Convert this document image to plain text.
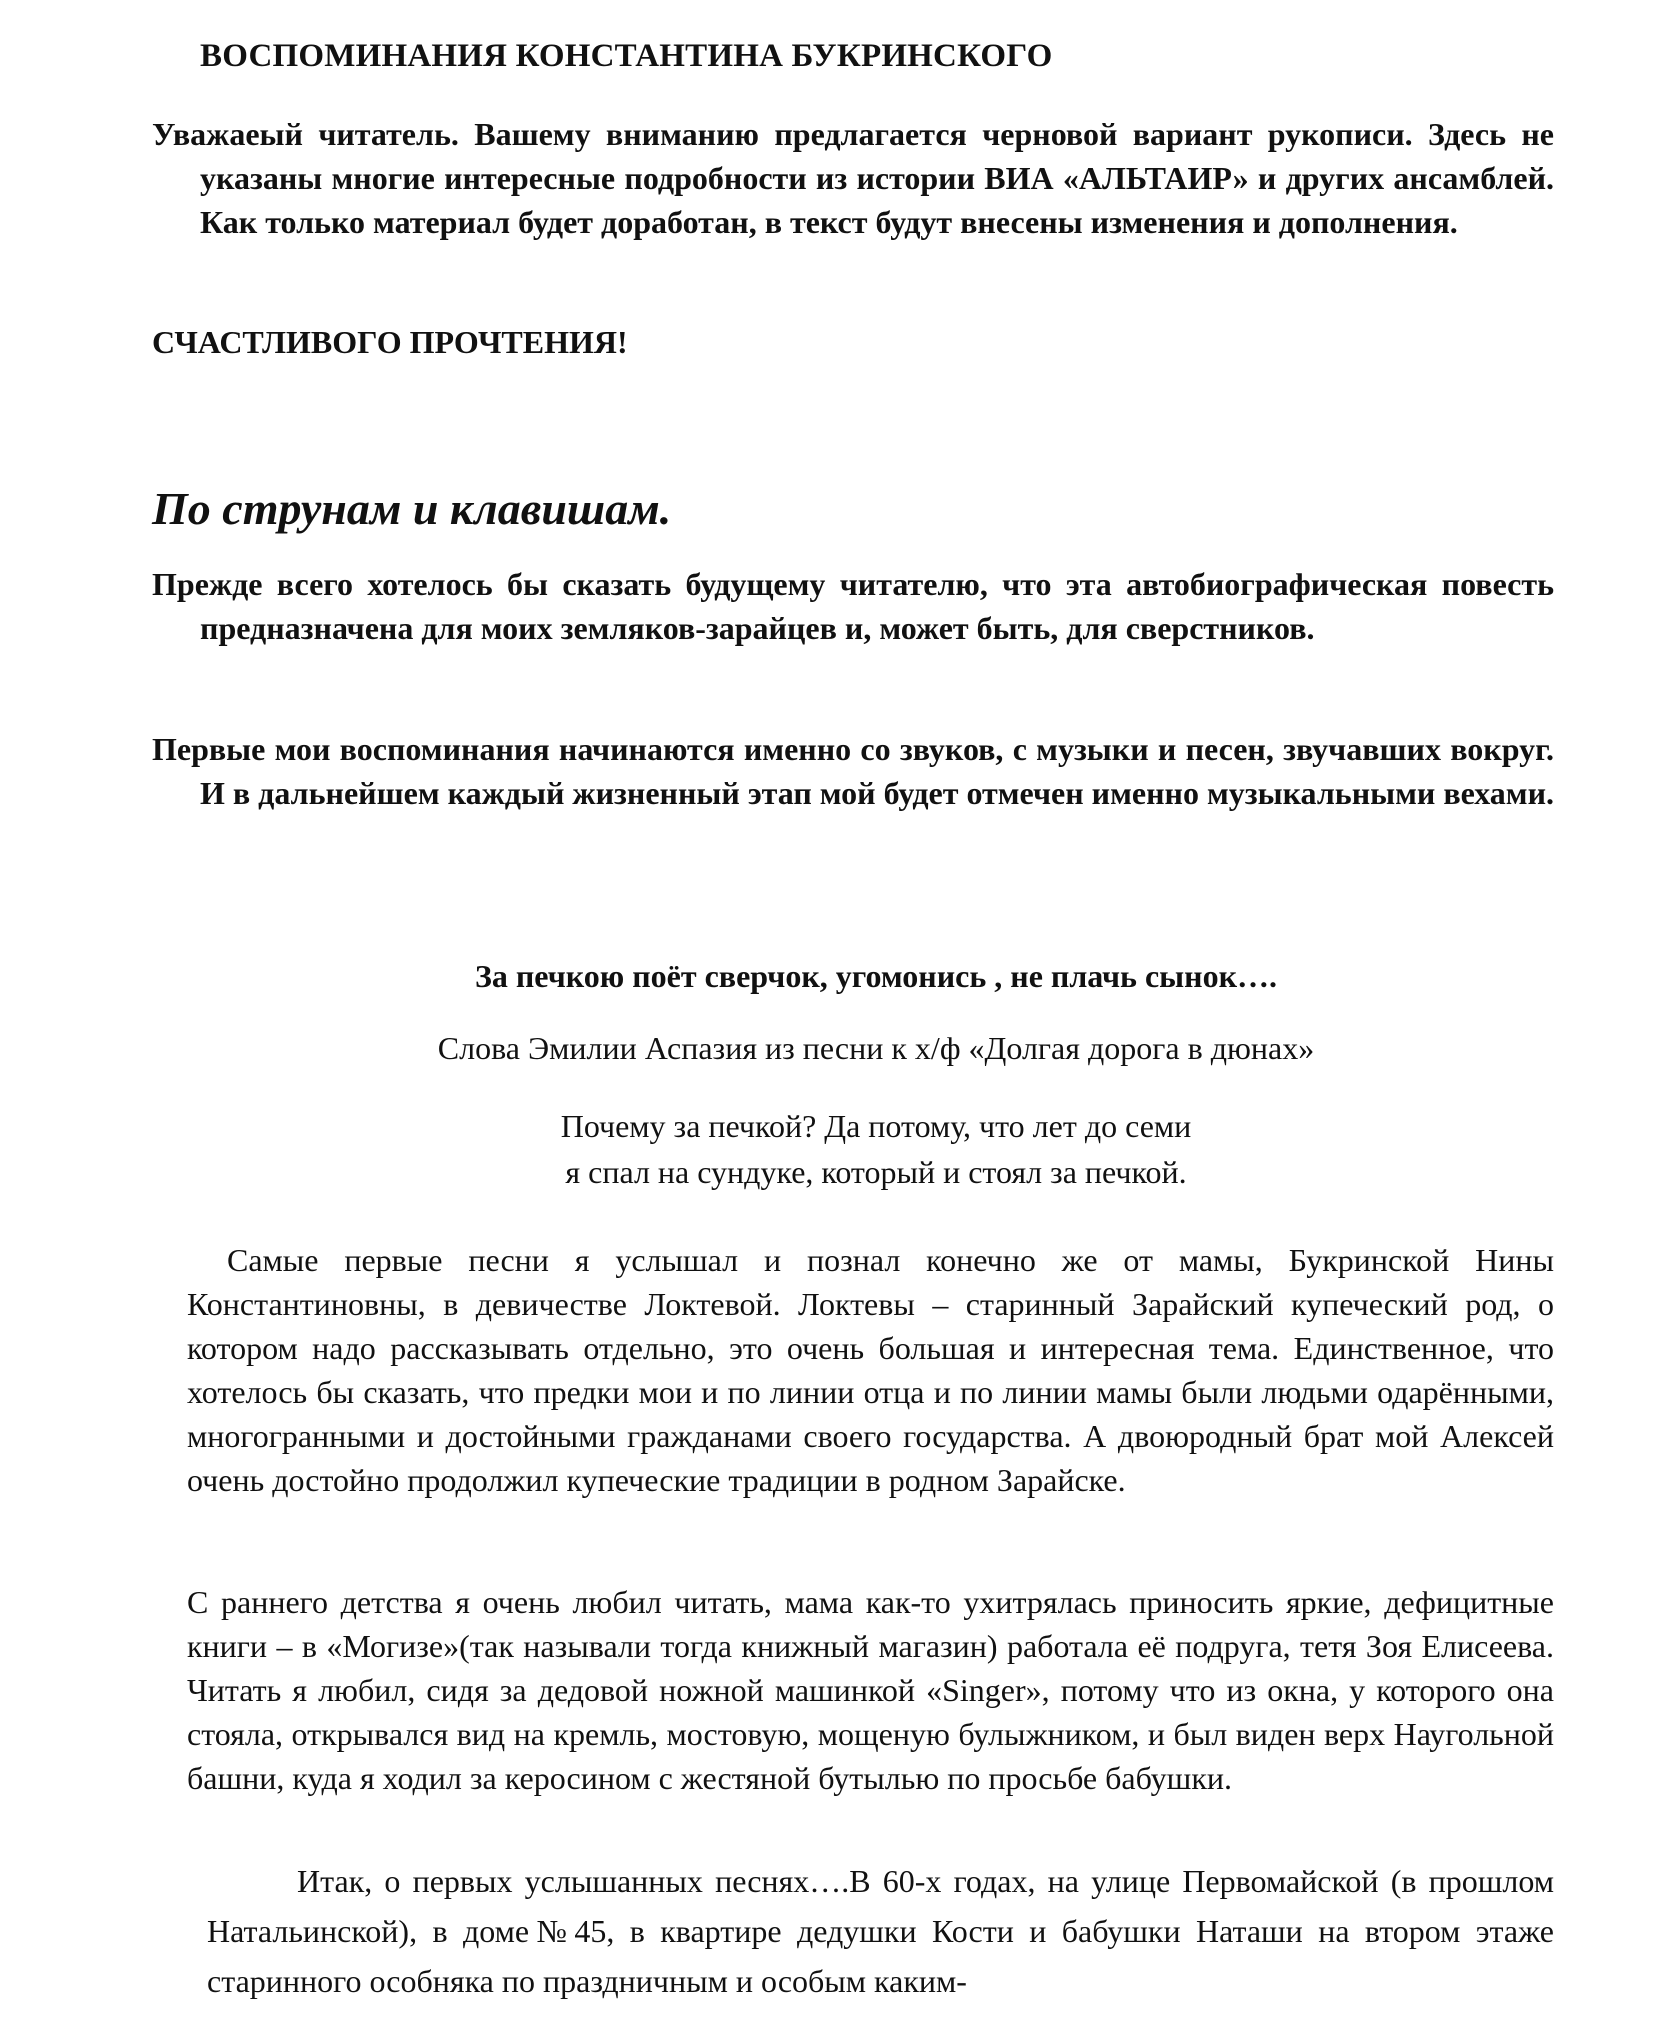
ВОСПОМИНАНИЯ КОНСТАНТИНА БУКРИНСКОГО
Уважаеый читатель. Вашему вниманию предлагается черновой вариант рукописи. Здесь не указаны многие интересные подробности из истории ВИА «АЛЬТАИР» и других ансамблей. Как только материал будет доработан, в текст будут внесены изменения и дополнения.
СЧАСТЛИВОГО ПРОЧТЕНИЯ!
По струнам и клавишам.
Прежде всего хотелось бы сказать будущему читателю, что эта автобиографическая повесть предназначена для моих земляков-зарайцев и, может быть, для сверстников.
Первые мои воспоминания начинаются именно со звуков, с музыки и песен, звучавших вокруг. И в дальнейшем каждый жизненный этап мой будет отмечен именно музыкальными вехами.
За печкою поёт сверчок, угомонись , не плачь сынок….
Слова Эмилии Аспазия из песни к х/ф «Долгая дорога в дюнах»
Почему за печкой? Да потому, что лет до семи
я спал на сундуке, который и стоял за печкой.
Самые первые песни я услышал и познал конечно же от мамы, Букринской Нины Константиновны, в девичестве Локтевой. Локтевы – старинный Зарайский купеческий род, о котором надо рассказывать отдельно, это очень большая и интересная тема. Единственное, что хотелось бы сказать, что предки мои и по линии отца и по линии мамы были людьми одарёнными, многогранными и достойными гражданами своего государства. А двоюродный брат мой Алексей очень достойно продолжил купеческие традиции в родном Зарайске.
С раннего детства я очень любил читать, мама как-то ухитрялась приносить яркие, дефицитные книги – в «Могизе»(так называли тогда книжный магазин) работала её подруга, тетя Зоя Елисеева. Читать я любил, сидя за дедовой ножной машинкой «Singer», потому что из окна, у которого она стояла, открывался вид на кремль, мостовую, мощеную булыжником, и был виден верх Наугольной башни, куда я ходил за керосином с жестяной бутылью по просьбе бабушки.
Итак, о первых услышанных песнях….В 60-х годах, на улице Первомайской (в прошлом Натальинской), в доме№45, в квартире дедушки Кости и бабушки Наташи на втором этаже старинного особняка по праздничным и особым каким-
